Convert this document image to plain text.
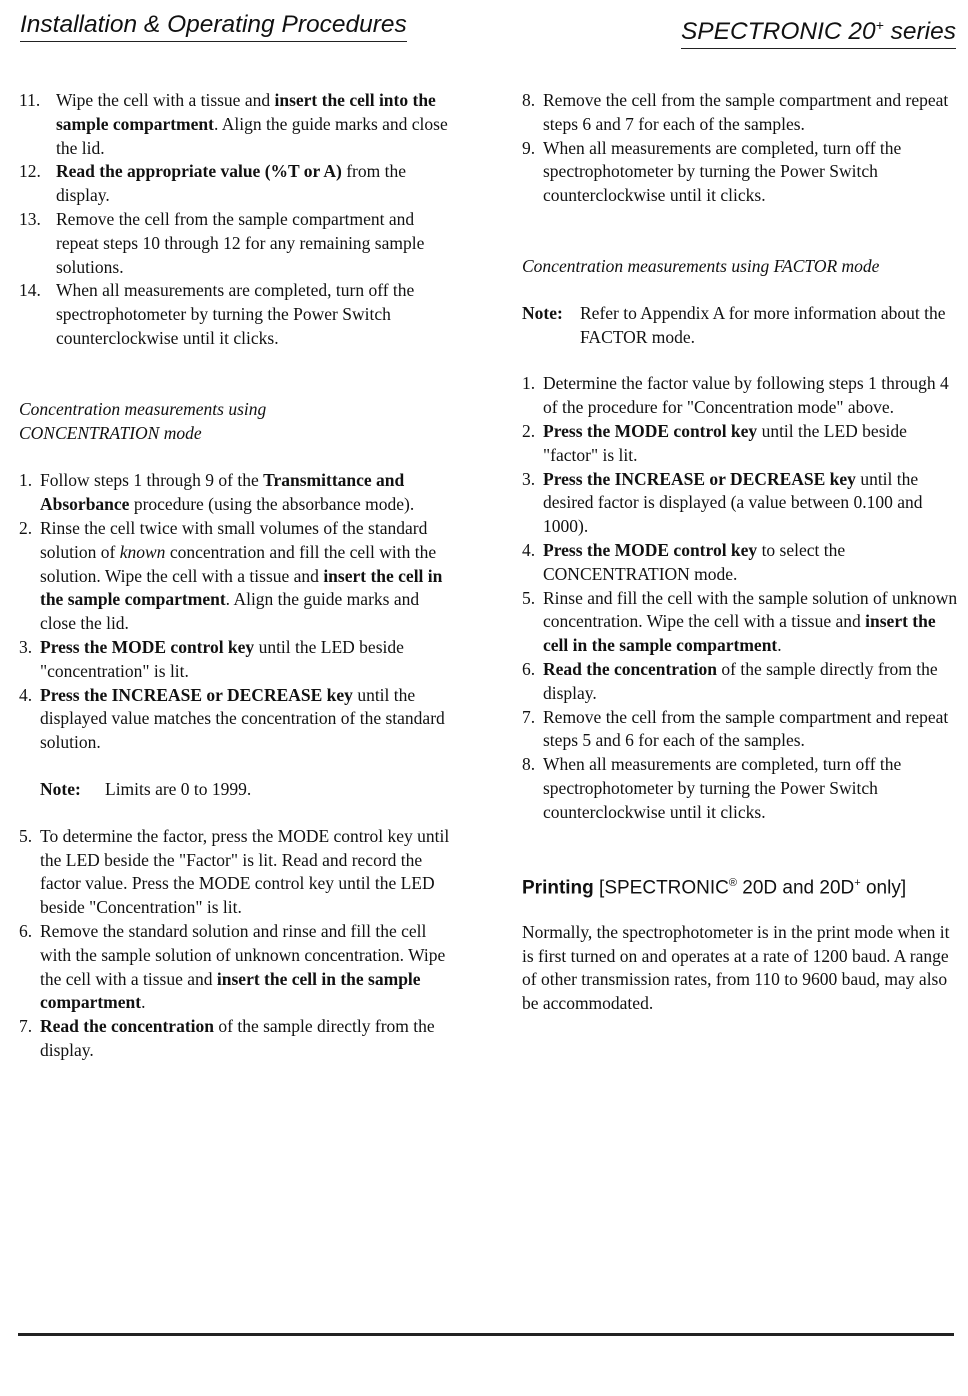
Installation & Operating Procedures	SPECTRONIC 20+ series
11. Wipe the cell with a tissue and insert the cell into the sample compartment. Align the guide marks and close the lid.
12. Read the appropriate value (%T or A) from the display.
13. Remove the cell from the sample compartment and repeat steps 10 through 12 for any remaining sample solutions.
14. When all measurements are completed, turn off the spectrophotometer by turning the Power Switch counterclockwise until it clicks.
Concentration measurements using
CONCENTRATION mode
1. Follow steps 1 through 9 of the Transmittance and Absorbance procedure (using the absorbance mode).
2. Rinse the cell twice with small volumes of the standard solution of known concentration and fill the cell with the solution. Wipe the cell with a tissue and insert the cell in the sample compartment. Align the guide marks and close the lid.
3. Press the MODE control key until the LED beside "concentration" is lit.
4. Press the INCREASE or DECREASE key until the displayed value matches the concentration of the standard solution.
Note:	Limits are 0 to 1999.
5. To determine the factor, press the MODE control key until the LED beside the "Factor" is lit. Read and record the factor value. Press the MODE control key until the LED beside "Concentration" is lit.
6. Remove the standard solution and rinse and fill the cell with the sample solution of unknown concentration. Wipe the cell with a tissue and insert the cell in the sample compartment.
7. Read the concentration of the sample directly from the display.
8. Remove the cell from the sample compartment and repeat steps 6 and 7 for each of the samples.
9. When all measurements are completed, turn off the spectrophotometer by turning the Power Switch counterclockwise until it clicks.
Concentration measurements using FACTOR mode
Note: Refer to Appendix A for more information about the FACTOR mode.
1. Determine the factor value by following steps 1 through 4 of the procedure for "Concentration mode" above.
2. Press the MODE control key until the LED beside "factor" is lit.
3. Press the INCREASE or DECREASE key until the desired factor is displayed (a value between 0.100 and 1000).
4. Press the MODE control key to select the CONCENTRATION mode.
5. Rinse and fill the cell with the sample solution of unknown concentration. Wipe the cell with a tissue and insert the cell in the sample compartment.
6. Read the concentration of the sample directly from the display.
7. Remove the cell from the sample compartment and repeat steps 5 and 6 for each of the samples.
8. When all measurements are completed, turn off the spectrophotometer by turning the Power Switch counterclockwise until it clicks.
Printing [SPECTRONIC® 20D and 20D+ only]

Normally, the spectrophotometer is in the print mode when it is first turned on and operates at a rate of 1200 baud. A range of other transmission rates, from 110 to 9600 baud, may also be accommodated.
